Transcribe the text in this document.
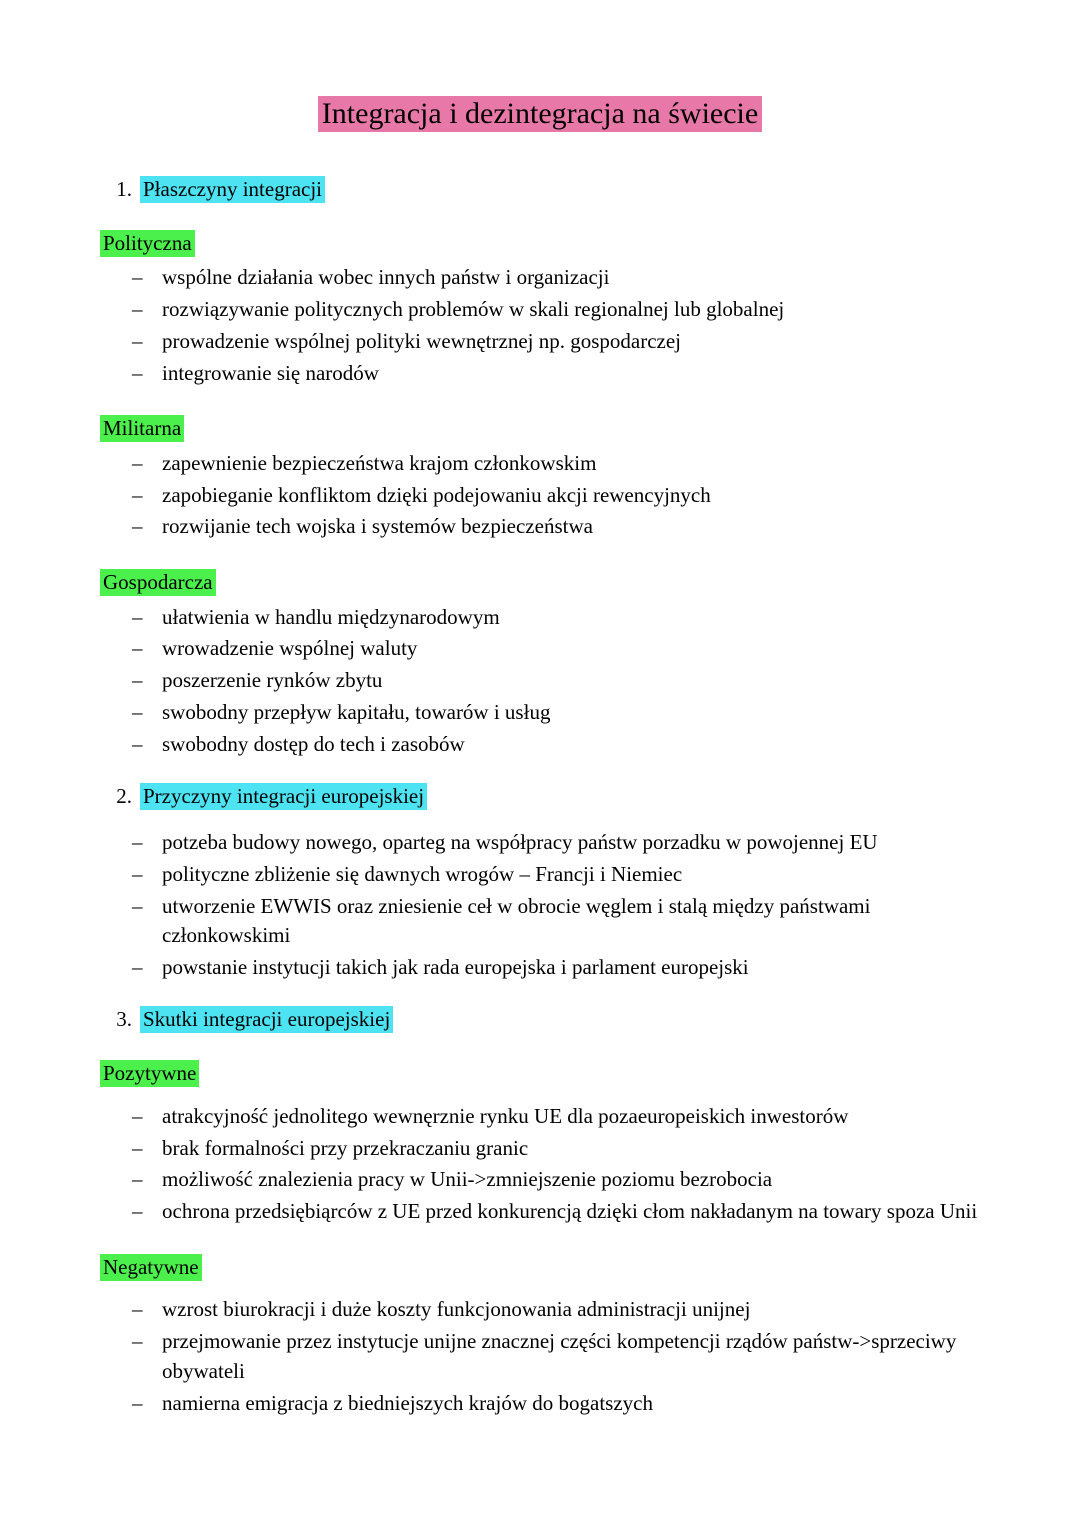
Integracja i dezintegracja na świecie
1. Płaszczyny integracji
Polityczna
– wspólne działania wobec innych państw i organizacji
– rozwiązywanie politycznych problemów w skali regionalnej lub globalnej
– prowadzenie wspólnej polityki wewnętrznej np. gospodarczej
– integrowanie się narodów
Militarna
– zapewnienie bezpieczeństwa krajom członkowskim
– zapobieganie konfliktom dzięki podejowaniu akcji rewencyjnych
– rozwijanie tech wojska i systemów bezpieczeństwa
Gospodarcza
– ułatwienia w handlu międzynarodowym
– wrowadzenie wspólnej waluty
– poszerzenie rynków zbytu
– swobodny przepływ kapitału, towarów i usług
– swobodny dostęp do tech i zasobów
2. Przyczyny integracji europejskiej
– potzeba budowy nowego, oparteg na współpracy państw porzadku w powojennej EU
– polityczne zbliżenie się dawnych wrogów – Francji i Niemiec
– utworzenie EWWIS oraz zniesienie ceł w obrocie węglem i stalą między państwami członkowskimi
– powstanie instytucji takich jak rada europejska i parlament europejski
3. Skutki integracji europejskiej
Pozytywne
– atrakcyjność jednolitego wewnęrznie rynku UE dla pozaeuropeiskich inwestorów
– brak formalności przy przekraczaniu granic
– możliwość znalezienia pracy w Unii->zmniejszenie poziomu bezrobocia
– ochrona przedsiębiąrców z UE przed konkurencją dzięki cłom nakładanym na towary spoza Unii
Negatywne
– wzrost biurokracji i duże koszty funkcjonowania administracji unijnej
– przejmowanie przez instytucje unijne znacznej części kompetencji rządów państw->sprzeciwy obywateli
– namierna emigracja z biedniejszych krajów do bogatszych
